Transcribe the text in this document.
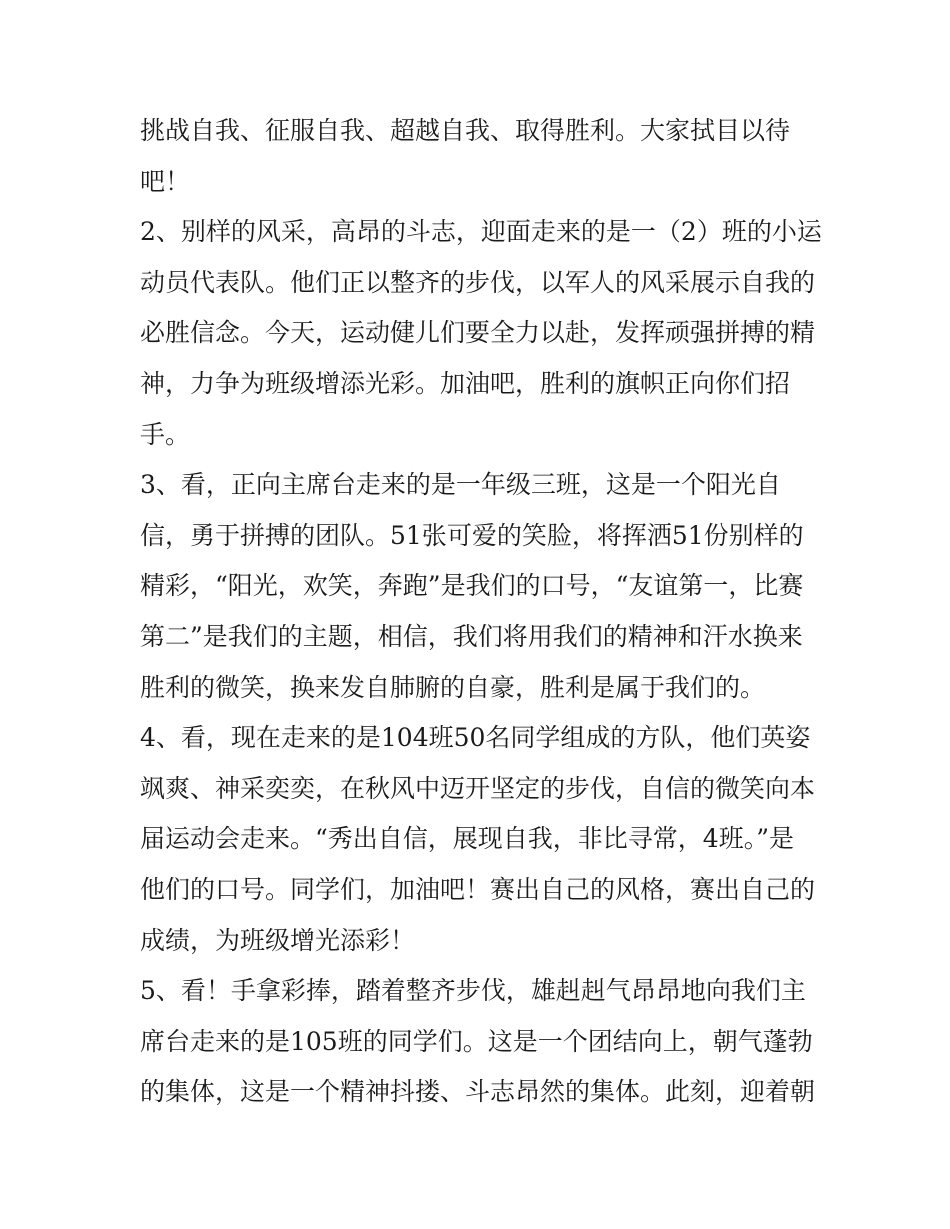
挑战自我、征服自我、超越自我、取得胜利。大家拭目以待
吧！
2、别样的风采，高昂的斗志，迎面走来的是一（2）班的小运
动员代表队。他们正以整齐的步伐，以军人的风采展示自我的
必胜信念。今天，运动健儿们要全力以赴，发挥顽强拼搏的精
神，力争为班级增添光彩。加油吧，胜利的旗帜正向你们招
手。
3、看，正向主席台走来的是一年级三班，这是一个阳光自
信，勇于拼搏的团队。51张可爱的笑脸，将挥洒51份别样的
精彩，“阳光，欢笑，奔跑”是我们的口号，“友谊第一，比赛
第二”是我们的主题，相信，我们将用我们的精神和汗水换来
胜利的微笑，换来发自肺腑的自豪，胜利是属于我们的。
4、看，现在走来的是104班50名同学组成的方队，他们英姿
飒爽、神采奕奕，在秋风中迈开坚定的步伐，自信的微笑向本
届运动会走来。“秀出自信，展现自我，非比寻常，4班。”是
他们的口号。同学们，加油吧！赛出自己的风格，赛出自己的
成绩，为班级增光添彩！
5、看！手拿彩捧，踏着整齐步伐，雄赳赳气昂昂地向我们主
席台走来的是105班的同学们。这是一个团结向上，朝气蓬勃
的集体，这是一个精神抖搂、斗志昂然的集体。此刻，迎着朝
